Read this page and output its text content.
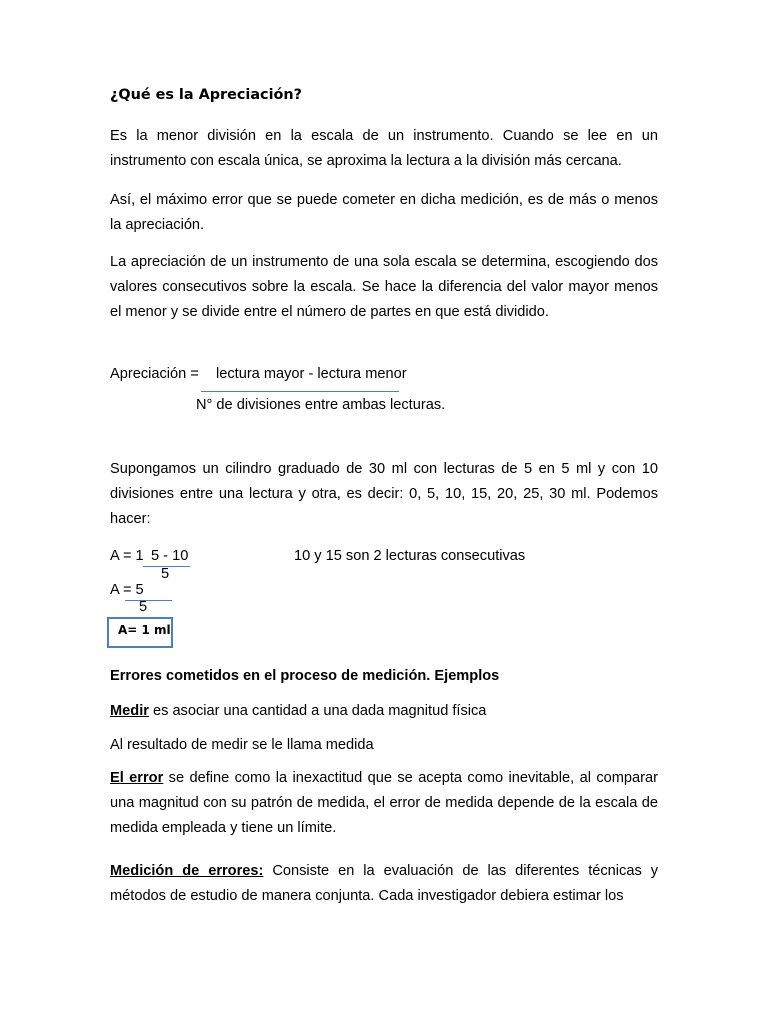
¿Qué es la Apreciación?
Es la menor división en la escala de un instrumento. Cuando se lee en un instrumento con escala única, se aproxima la lectura a la división más cercana.
Así, el máximo error que se puede cometer en dicha medición, es de más o menos la apreciación.
La apreciación de un instrumento de una sola escala se determina, escogiendo dos valores consecutivos sobre la escala. Se hace la diferencia del valor mayor menos el menor y se divide entre el número de partes en que está dividido.
Apreciación = lectura mayor - lectura menor
N° de divisiones entre ambas lecturas.
Supongamos un cilindro graduado de 30 ml con lecturas de 5 en 5 ml y con 10 divisiones entre una lectura y otra, es decir: 0, 5, 10, 15, 20, 25, 30 ml. Podemos hacer:
A = 1 5 - 10
5
10 y 15 son 2 lecturas consecutivas
A = 5
5
A= 1 ml
Errores cometidos en el proceso de medición. Ejemplos
Medir es asociar una cantidad a una dada magnitud física
Al resultado de medir se le llama medida
El error se define como la inexactitud que se acepta como inevitable, al comparar una magnitud con su patrón de medida, el error de medida depende de la escala de medida empleada y tiene un límite.
Medición de errores: Consiste en la evaluación de las diferentes técnicas y métodos de estudio de manera conjunta. Cada investigador debiera estimar los
